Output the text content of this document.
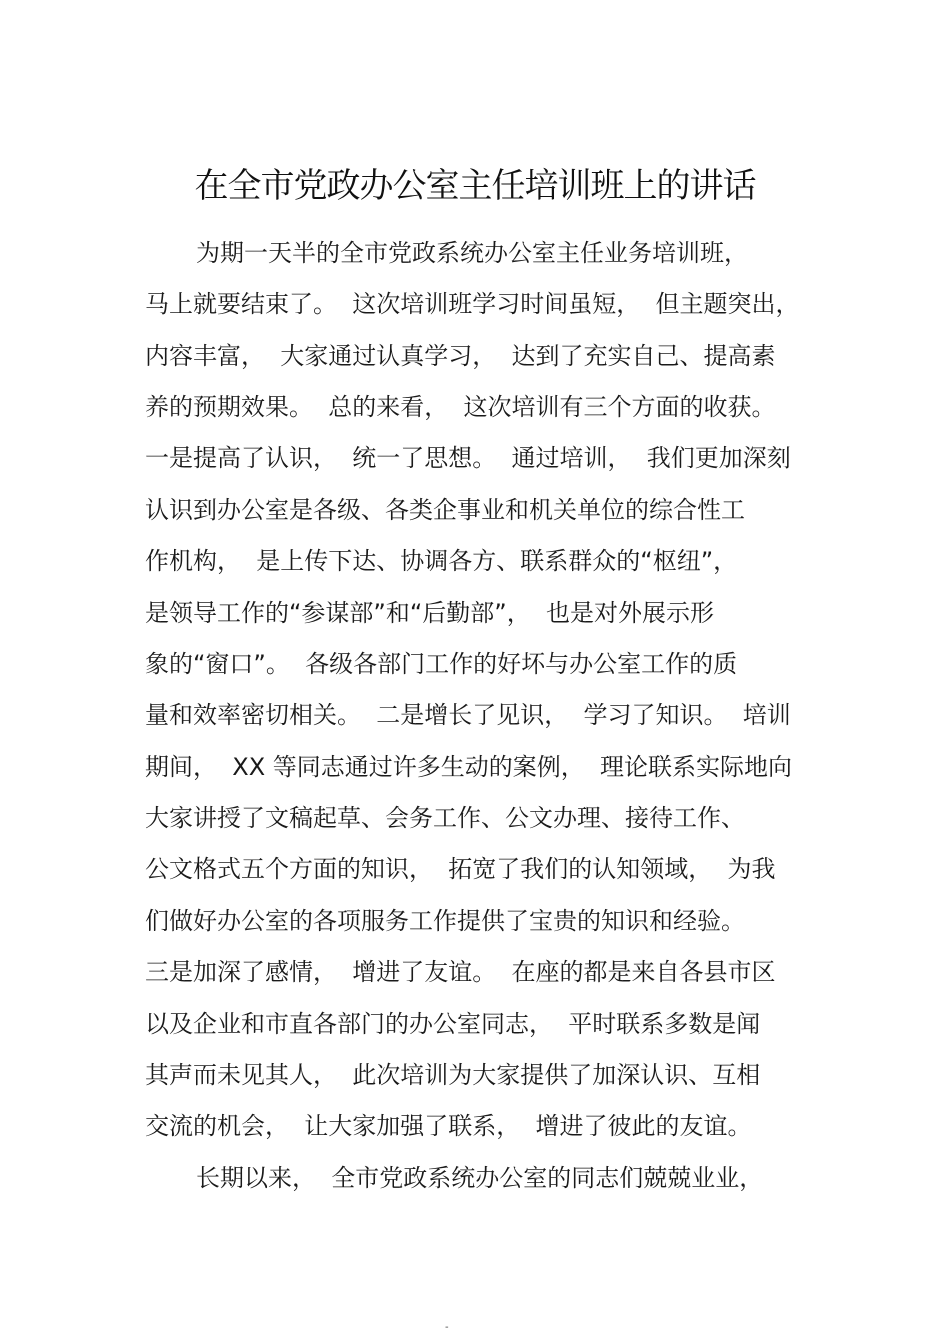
在全市党政办公室主任培训班上的讲话
为期一天半的全市党政系统办公室主任业务培训班，
马上就要结束了。  这次培训班学习时间虽短，  但主题突出，
内容丰富，  大家通过认真学习，  达到了充实自己、提高素
养的预期效果。  总的来看，  这次培训有三个方面的收获。
一是提高了认识，  统一了思想。  通过培训，  我们更加深刻
认识到办公室是各级、各类企事业和机关单位的综合性工
作机构，  是上传下达、协调各方、联系群众的“枢纽”，
是领导工作的“参谋部”和“后勤部”，  也是对外展示形
象的“窗口”。  各级各部门工作的好坏与办公室工作的质
量和效率密切相关。  二是增长了见识，  学习了知识。  培训
期间，  XX 等同志通过许多生动的案例，  理论联系实际地向
大家讲授了文稿起草、会务工作、公文办理、接待工作、
公文格式五个方面的知识，  拓宽了我们的认知领域，  为我
们做好办公室的各项服务工作提供了宝贵的知识和经验。
三是加深了感情，  增进了友谊。  在座的都是来自各县市区
以及企业和市直各部门的办公室同志，  平时联系多数是闻
其声而未见其人，  此次培训为大家提供了加深认识、互相
交流的机会，  让大家加强了联系，  增进了彼此的友谊。
长期以来，  全市党政系统办公室的同志们兢兢业业，
-
